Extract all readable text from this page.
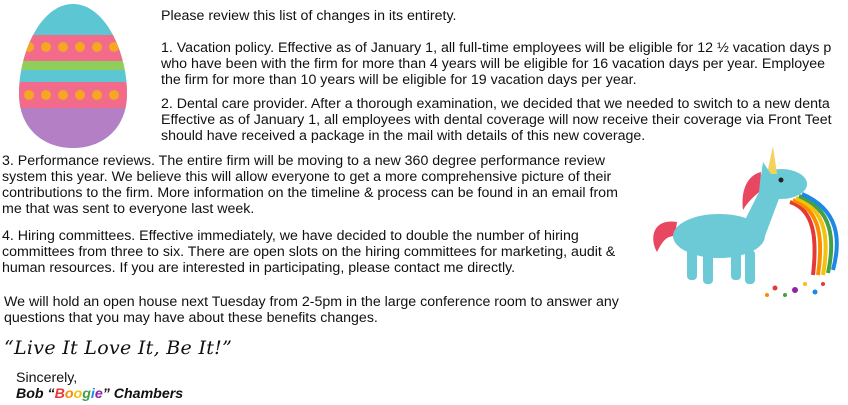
Please review this list of changes in its entirety.
1. Vacation policy. Effective as of January 1, all full-time employees will be eligible for 12 ½ vacation days p
who have been with the firm for more than 4 years will be eligible for 16 vacation days per year. Employee
the firm for more than 10 years will be eligible for 19 vacation days per year.
2. Dental care provider. After a thorough examination, we decided that we needed to switch to a new denta
Effective as of January 1, all employees with dental coverage will now receive their coverage via Front Teet
should have received a package in the mail with details of this new coverage.
3. Performance reviews. The entire firm will be moving to a new 360 degree performance review
system this year. We believe this will allow everyone to get a more comprehensive picture of their
contributions to the firm. More information on the timeline & process can be found in an email from
me that was sent to everyone last week.
4. Hiring committees. Effective immediately, we have decided to double the number of hiring
committees from three to six. There are open slots on the hiring committees for marketing, audit &
human resources. If you are interested in participating, please contact me directly.
We will hold an open house next Tuesday from 2-5pm in the large conference room to answer any
questions that you may have about these benefits changes.
“Live It Love It, Be It!”
Sincerely,
Bob “Boogie” Chambers
